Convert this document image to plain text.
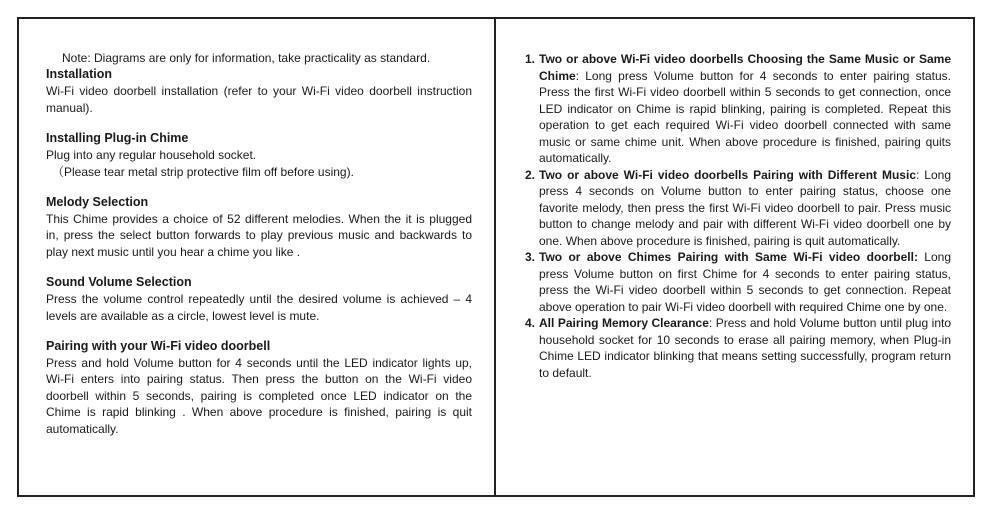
Note: Diagrams are only for information, take practicality as standard.

Installation

Wi-Fi video doorbell installation (refer to your Wi-Fi video doorbell instruction manual).

Installing Plug-in Chime

Plug into any regular household socket.

（Please tear metal strip protective film off before using).

Melody Selection

This Chime provides a choice of 52 different melodies. When the it is plugged in, press the select button forwards to play previous music and backwards to play next music until you hear a chime you like .

Sound Volume Selection

Press the volume control repeatedly until the desired volume is achieved – 4 levels are available as a circle, lowest level is mute.

Pairing with your Wi-Fi video doorbell

Press and hold Volume button for 4 seconds until the LED indicator lights up, Wi-Fi enters into pairing status. Then press the button on the Wi-Fi video doorbell within 5 seconds, pairing is completed once LED indicator on the Chime is rapid blinking . When above procedure is finished, pairing is quit automatically.

1. Two or above Wi-Fi video doorbells Choosing the Same Music or Same Chime: Long press Volume button for 4 seconds to enter pairing status. Press the first Wi-Fi video doorbell within 5 seconds to get connection, once LED indicator on Chime is rapid blinking, pairing is completed. Repeat this operation to get each required Wi-Fi video doorbell connected with same music or same chime unit. When above procedure is finished, pairing quits automatically.
2. Two or above Wi-Fi video doorbells Pairing with Different Music: Long press 4 seconds on Volume button to enter pairing status, choose one favorite melody, then press the first Wi-Fi video doorbell to pair. Press music button to change melody and pair with different Wi-Fi video doorbell one by one. When above procedure is finished, pairing is quit automatically.
3. Two or above Chimes Pairing with Same Wi-Fi video doorbell: Long press Volume button on first Chime for 4 seconds to enter pairing status, press the Wi-Fi video doorbell within 5 seconds to get connection. Repeat above operation to pair Wi-Fi video doorbell with required Chime one by one.
4. All Pairing Memory Clearance: Press and hold Volume button until plug into household socket for 10 seconds to erase all pairing memory, when Plug-in Chime LED indicator blinking that means setting successfully, program return to default.
